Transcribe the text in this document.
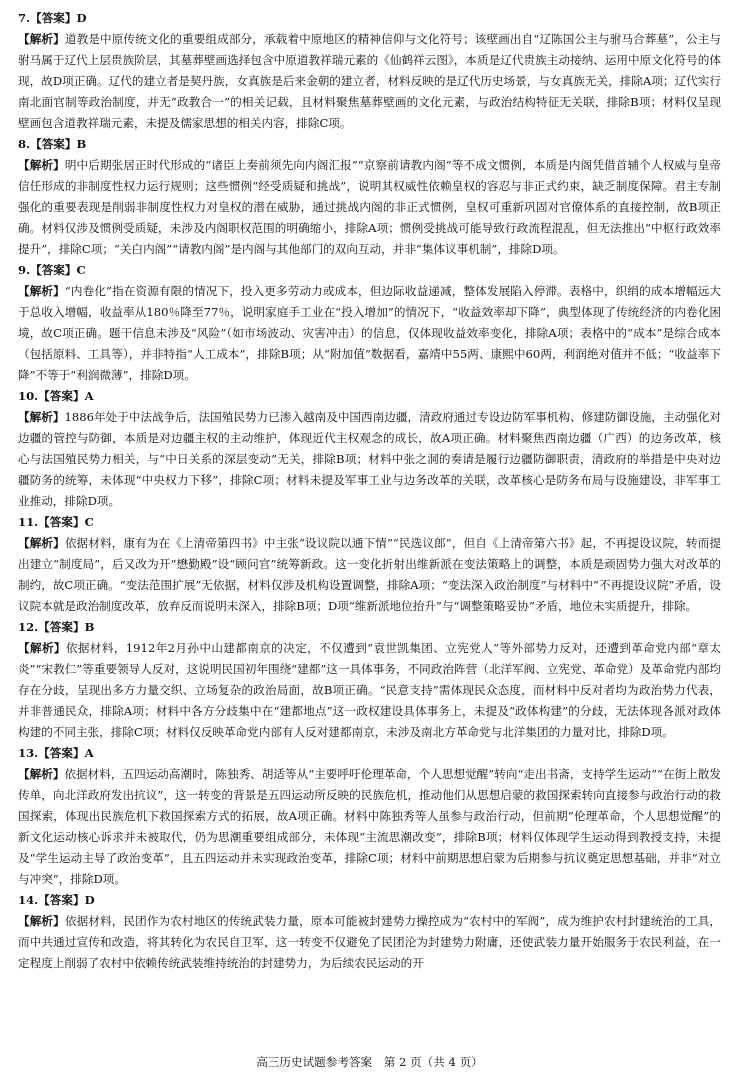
7.【答案】D
【解析】道教是中原传统文化的重要组成部分，承载着中原地区的精神信仰与文化符号；该壁画出自“辽陈国公主与驸马合葬墓”，公主与驸马属于辽代上层贵族阶层，其墓葬壁画选择包含中原道教祥瑞元素的《仙鹤祥云图》，本质是辽代贵族主动接纳、运用中原文化符号的体现，故D项正确。辽代的建立者是契丹族，女真族是后来金朝的建立者，材料反映的是辽代历史场景，与女真族无关，排除A项；辽代实行南北面官制等政治制度，并无“政教合一”的相关记载，且材料聚焦墓葬壁画的文化元素，与政治结构特征无关联，排除B项；材料仅呈现壁画包含道教祥瑞元素，未提及儒家思想的相关内容，排除C项。
8.【答案】B
【解析】明中后期张居正时代形成的“诸臣上奏前须先向内阁汇报”“京察前请教内阁”等不成文惯例，本质是内阁凭借首辅个人权威与皇帝信任形成的非制度性权力运行规则；这些惯例“经受质疑和挑战”，说明其权威性依赖皇权的容忍与非正式约束，缺乏制度保障。君主专制强化的重要表现是削弱非制度性权力对皇权的潜在威胁，通过挑战内阁的非正式惯例，皇权可重新巩固对官僚体系的直接控制，故B项正确。材料仅涉及惯例受质疑，未涉及内阁职权范围的明确缩小，排除A项；惯例受挑战可能导致行政流程混乱，但无法推出“中枢行政效率提升”，排除C项；“关白内阁”“请教内阁”是内阁与其他部门的双向互动，并非“集体议事机制”，排除D项。
9.【答案】C
【解析】“内卷化”指在资源有限的情况下，投入更多劳动力或成本，但边际收益递减，整体发展陷入停滞。表格中，织绢的成本增幅远大于总收入增幅，收益率从180％降至77％，说明家庭手工业在“投入增加”的情况下，“收益效率却下降”，典型体现了传统经济的内卷化困境，故C项正确。题干信息未涉及“风险”（如市场波动、灾害冲击）的信息，仅体现收益效率变化，排除A项；表格中的“成本”是综合成本（包括原料、工具等），并非特指“人工成本”，排除B项；从“附加值”数据看，嘉靖中55两、康熙中60两，利润绝对值并不低；“收益率下降”不等于“利润微薄”，排除D项。
10.【答案】A
【解析】1886年处于中法战争后，法国殖民势力已渗入越南及中国西南边疆，清政府通过专设边防军事机构、修建防御设施，主动强化对边疆的管控与防御，本质是对边疆主权的主动维护，体现近代主权观念的成长，故A项正确。材料聚焦西南边疆（广西）的边务改革，核心与法国殖民势力相关，与“中日关系的深层变动”无关，排除B项；材料中张之洞的奏请是履行边疆防御职责，清政府的举措是中央对边疆防务的统筹，未体现“中央权力下移”，排除C项；材料未提及军事工业与边务改革的关联，改革核心是防务布局与设施建设，非军事工业推动，排除D项。
11.【答案】C
【解析】依据材料，康有为在《上清帝第四书》中主张“设议院以通下情”“民选议郎”，但自《上清帝第六书》起，不再提设议院，转而提出建立“制度局”，后又改为开“懋勤殿”设“顾问官”统筹新政。这一变化折射出维新派在变法策略上的调整，本质是顽固势力强大对改革的制约，故C项正确。“变法范围扩展”无依据，材料仅涉及机构设置调整，排除A项；“变法深入政治制度”与材料中“不再提设议院”矛盾，设议院本就是政治制度改革，放弃反而说明未深入，排除B项；D项“维新派地位抬升”与“调整策略妥协”矛盾，地位未实质提升，排除。
12.【答案】B
【解析】依据材料，1912年2月孙中山建都南京的决定，不仅遭到“袁世凯集团、立宪党人”等外部势力反对，还遭到革命党内部“章太炎”“宋教仁”等重要领导人反对，这说明民国初年围绕“建都”这一具体事务，不同政治阵营（北洋军阀、立宪党、革命党）及革命党内部均存在分歧，呈现出多方力量交织、立场复杂的政治局面，故B项正确。“民意支持”需体现民众态度，而材料中反对者均为政治势力代表，并非普通民众，排除A项；材料中各方分歧集中在“建都地点”这一政权建设具体事务上，未提及“政体构建”的分歧，无法体现各派对政体构建的不同主张，排除C项；材料仅反映革命党内部有人反对建都南京，未涉及南北方革命党与北洋集团的力量对比，排除D项。
13.【答案】A
【解析】依据材料，五四运动高潮时，陈独秀、胡适等从“主要呼吁伦理革命，个人思想觉醒”转向“走出书斋，支持学生运动”“在街上散发传单，向北洋政府发出抗议”，这一转变的背景是五四运动所反映的民族危机，推动他们从思想启蒙的救国探索转向直接参与政治行动的救国探索，体现出民族危机下救国探索方式的拓展，故A项正确。材料中陈独秀等人虽参与政治行动，但前期“伦理革命，个人思想觉醒”的新文化运动核心诉求并未被取代，仍为思潮重要组成部分，未体现“主流思潮改变”，排除B项；材料仅体现学生运动得到教授支持，未提及“学生运动主导了政治变革”，且五四运动并未实现政治变革，排除C项；材料中前期思想启蒙为后期参与抗议奠定思想基础，并非“对立与冲突”，排除D项。
14.【答案】D
【解析】依据材料，民团作为农村地区的传统武装力量，原本可能被封建势力操控成为“农村中的军阀”，成为维护农村封建统治的工具，而中共通过宣传和改造，将其转化为农民自卫军，这一转变不仅避免了民团沦为封建势力附庸，还使武装力量开始服务于农民利益，在一定程度上削弱了农村中依赖传统武装维持统治的封建势力，为后续农民运动的开
高三历史试题参考答案　第 2 页（共 4 页）
